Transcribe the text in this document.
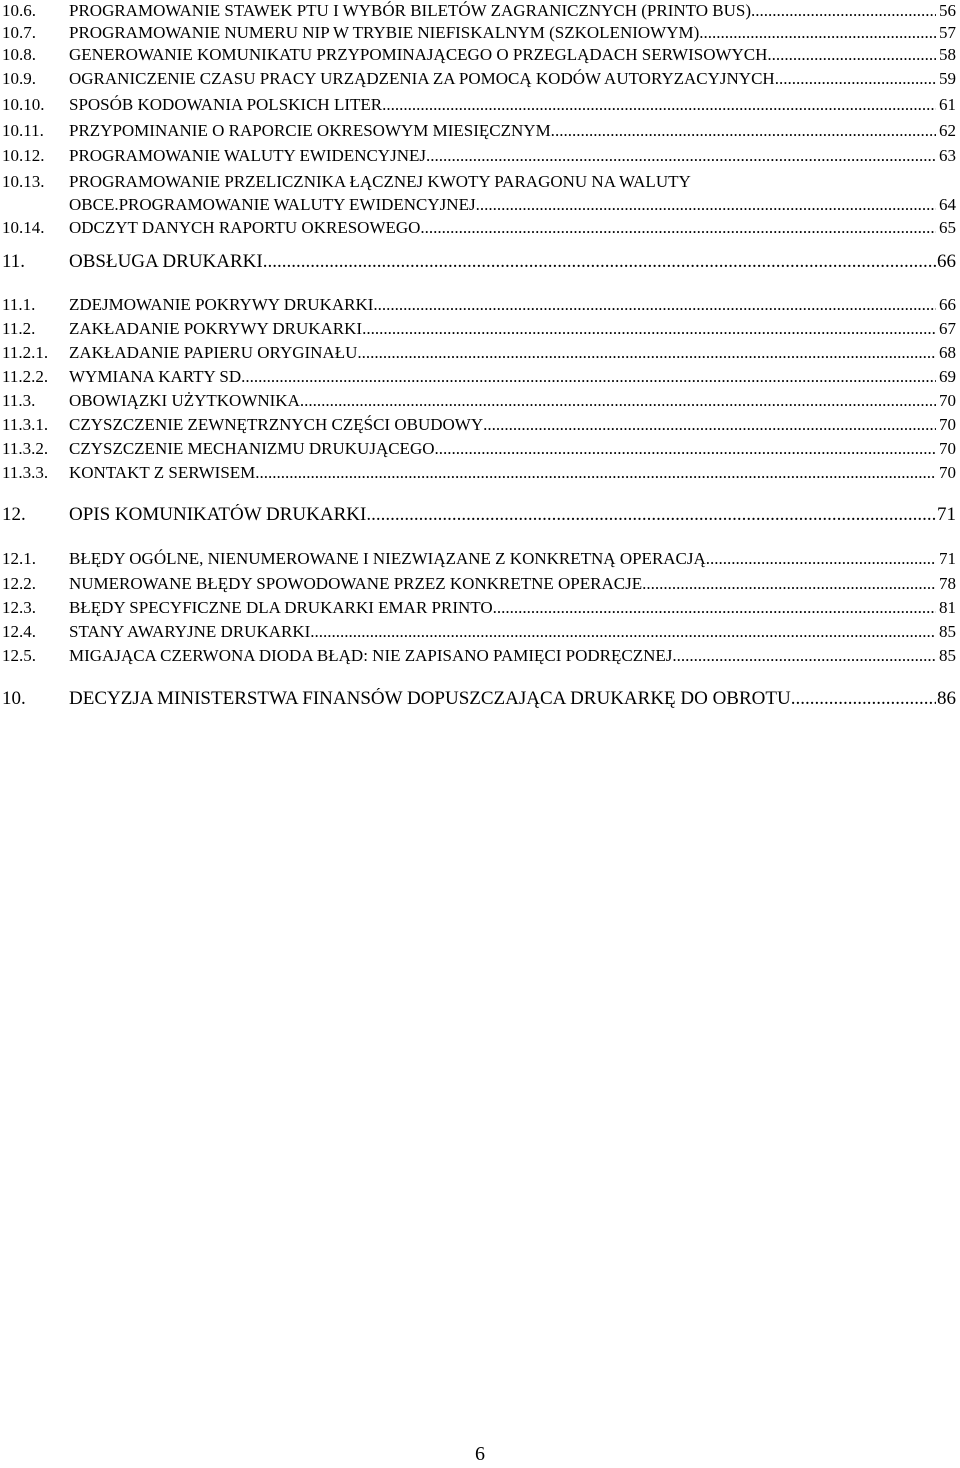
10.6. PROGRAMOWANIE STAWEK PTU I WYBÓR BILETÓW ZAGRANICZNYCH (PRINTO BUS). .....	56
10.7. PROGRAMOWANIE NUMERU NIP W TRYBIE NIEFISKALNYM (SZKOLENIOWYM). .....	57
10.8. GENEROWANIE KOMUNIKATU PRZYPOMINAJĄCEGO O PRZEGLĄDACH SERWISOWYCH. .....	58
10.9. OGRANICZENIE CZASU PRACY URZĄDZENIA ZA POMOCĄ KODÓW AUTORYZACYJNYCH. .....	59
10.10. SPOSÓB KODOWANIA POLSKICH LITER. .....	61
10.11. PRZYPOMINANIE O RAPORCIE OKRESOWYM MIESIĘCZNYM. .....	62
10.12. PROGRAMOWANIE WALUTY EWIDENCYJNEJ. .....	63
10.13. PROGRAMOWANIE PRZELICZNIKA ŁĄCZNEJ KWOTY PARAGONU NA WALUTY
OBCE.PROGRAMOWANIE WALUTY EWIDENCYJNEJ. .....	64
10.14. ODCZYT DANYCH RAPORTU OKRESOWEGO. .....	65
11. OBSŁUGA DRUKARKI .....	66
11.1. ZDEJMOWANIE POKRYWY DRUKARKI .....	66
11.2. ZAKŁADANIE POKRYWY DRUKARKI .....	67
11.2.1. ZAKŁADANIE PAPIERU ORYGINAŁU .....	68
11.2.2. WYMIANA KARTY SD .....	69
11.3. OBOWIĄZKI UŻYTKOWNIKA .....	70
11.3.1. CZYSZCZENIE ZEWNĘTRZNYCH CZĘŚCI OBUDOWY .....	70
11.3.2. CZYSZCZENIE MECHANIZMU DRUKUJĄCEGO .....	70
11.3.3. KONTAKT Z SERWISEM .....	70
12. OPIS KOMUNIKATÓW DRUKARKI .....	71
12.1. BŁĘDY OGÓLNE, NIENUMEROWANE I NIEZWIĄZANE Z KONKRETNĄ OPERACJĄ .....	71
12.2. NUMEROWANE BŁĘDY SPOWODOWANE PRZEZ KONKRETNE OPERACJE .....	78
12.3. BŁĘDY SPECYFICZNE DLA DRUKARKI EMAR PRINTO .....	81
12.4. STANY AWARYJNE DRUKARKI .....	85
12.5. MIGAJĄCA CZERWONA DIODA BŁĄD: NIE ZAPISANO PAMIĘCI PODRĘCZNEJ .....	85
10. DECYZJA MINISTERSTWA FINANSÓW DOPUSZCZAJĄCA DRUKARKĘ DO OBROTU .....	86
6
